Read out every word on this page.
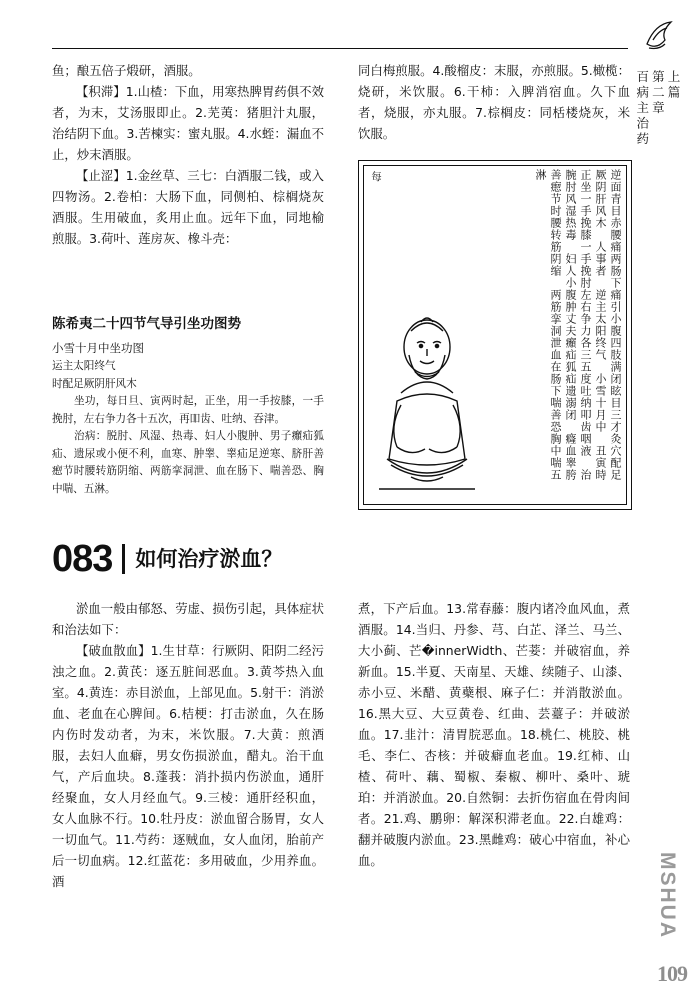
鱼；酿五倍子煅研，酒服。

【积滞】1.山楂：下血，用寒热脾胃药俱不效者，为末，艾汤服即止。2.芜荑：猪胆汁丸服，治结阴下血。3.苦楝实：蜜丸服。4.水蛭：漏血不止，炒末酒服。

【止涩】1.金丝草、三七：白酒服二钱，或入四物汤。2.卷柏：大肠下血，同侧柏、棕榈烧灰酒服。生用破血，炙用止血。远年下血，同地榆煎服。3.荷叶、莲房灰、橡斗壳：

同白梅煎服。4.酸榴皮：末服，亦煎服。5.橄榄：烧研，米饮服。6.干柿：入脾消宿血。久下血者，烧服，亦丸服。7.棕榈皮：同栝楼烧灰，米饮服。

陈希夷二十四节气导引坐功图势
小雪十月中坐功图

运主太阳终气

时配足厥阴肝风木

坐功，每日旦、寅两时起，正坐，用一手按膝，一手挽肘，左右争力各十五次，再吅齿、吐纳、吞津。

治病：脱肘、风湿、热毒、妇人小腹肿、男子㿗疝狐疝、遗尿或小便不利，血寒、肿睾、睾疝足逆寒、脐肝善瘛节时腰转筋阴缩、两筋挛洞泄、血在肠下、喘善恐、胸中喘、五淋。

逆面青目赤腰痛两肠下痛引小腹四肢满闭眩目三才灸穴配足厥阴肝风木　人事者　逆主太阳终气　小雪十月中　丑寅時正坐一手挽膝一手挽肘左右争力各三五度吐纳叩齿咽液　治腕肘风湿热毒　妇人小腹肿丈夫㿗疝狐疝遗溺闭　癃血睾胯善瘛节时腰转筋阴缩　两筋挛洞泄血在肠下喘善恐胸中喘五淋
每
083 如何治疗淤血？

淤血一般由郁怒、劳虚、损伤引起，具体症状和治法如下：

【破血散血】1.生甘草：行厥阴、阳阴二经污浊之血。2.黄芪：逐五脏间恶血。3.黄芩热入血室。4.黄连：赤目淤血，上部见血。5.射干：消淤血、老血在心脾间。6.桔梗：打击淤血，久在肠内伤时发动者，为末，米饮服。7.大黄：煎酒服，去妇人血癖，男女伤损淤血，醋丸。治干血气，产后血块。8.蓬莪：消扑损内伤淤血，通肝经聚血，女人月经血气。9.三棱：通肝经积血，女人血脉不行。10.牡丹皮：淤血留合肠胃，女人一切血气。11.芍药：逐贼血，女人血闭，胎前产后一切血病。12.红蓝花：多用破血，少用养血。酒

煮，下产后血。13.常春藤：腹内诸冷血风血，煮酒服。14.当归、丹参、芎、白芷、泽兰、马兰、大小蓟、芒�innerWidth、芒菨：并破宿血，养新血。15.半夏、天南星、天雄、续随子、山漆、赤小豆、米醋、黄蘗根、麻子仁：并消散淤血。16.黑大豆、大豆黄卷、红曲、芸薹子：并破淤血。17.韭汁：清胃脘恶血。18.桃仁、桃胶、桃毛、李仁、杏核：并破癖血老血。19.红柿、山楂、荷叶、藕、蜀椒、秦椒、柳叶、桑叶、琥珀：并消淤血。20.自然铜：去折伤宿血在骨肉间者。21.鸡、鹏卵：解深积滞老血。22.白雄鸡：翻并破腹内淤血。23.黑雌鸡：破心中宿血，补心血。

上篇
第二章
百病主治药
MSHUA
109
